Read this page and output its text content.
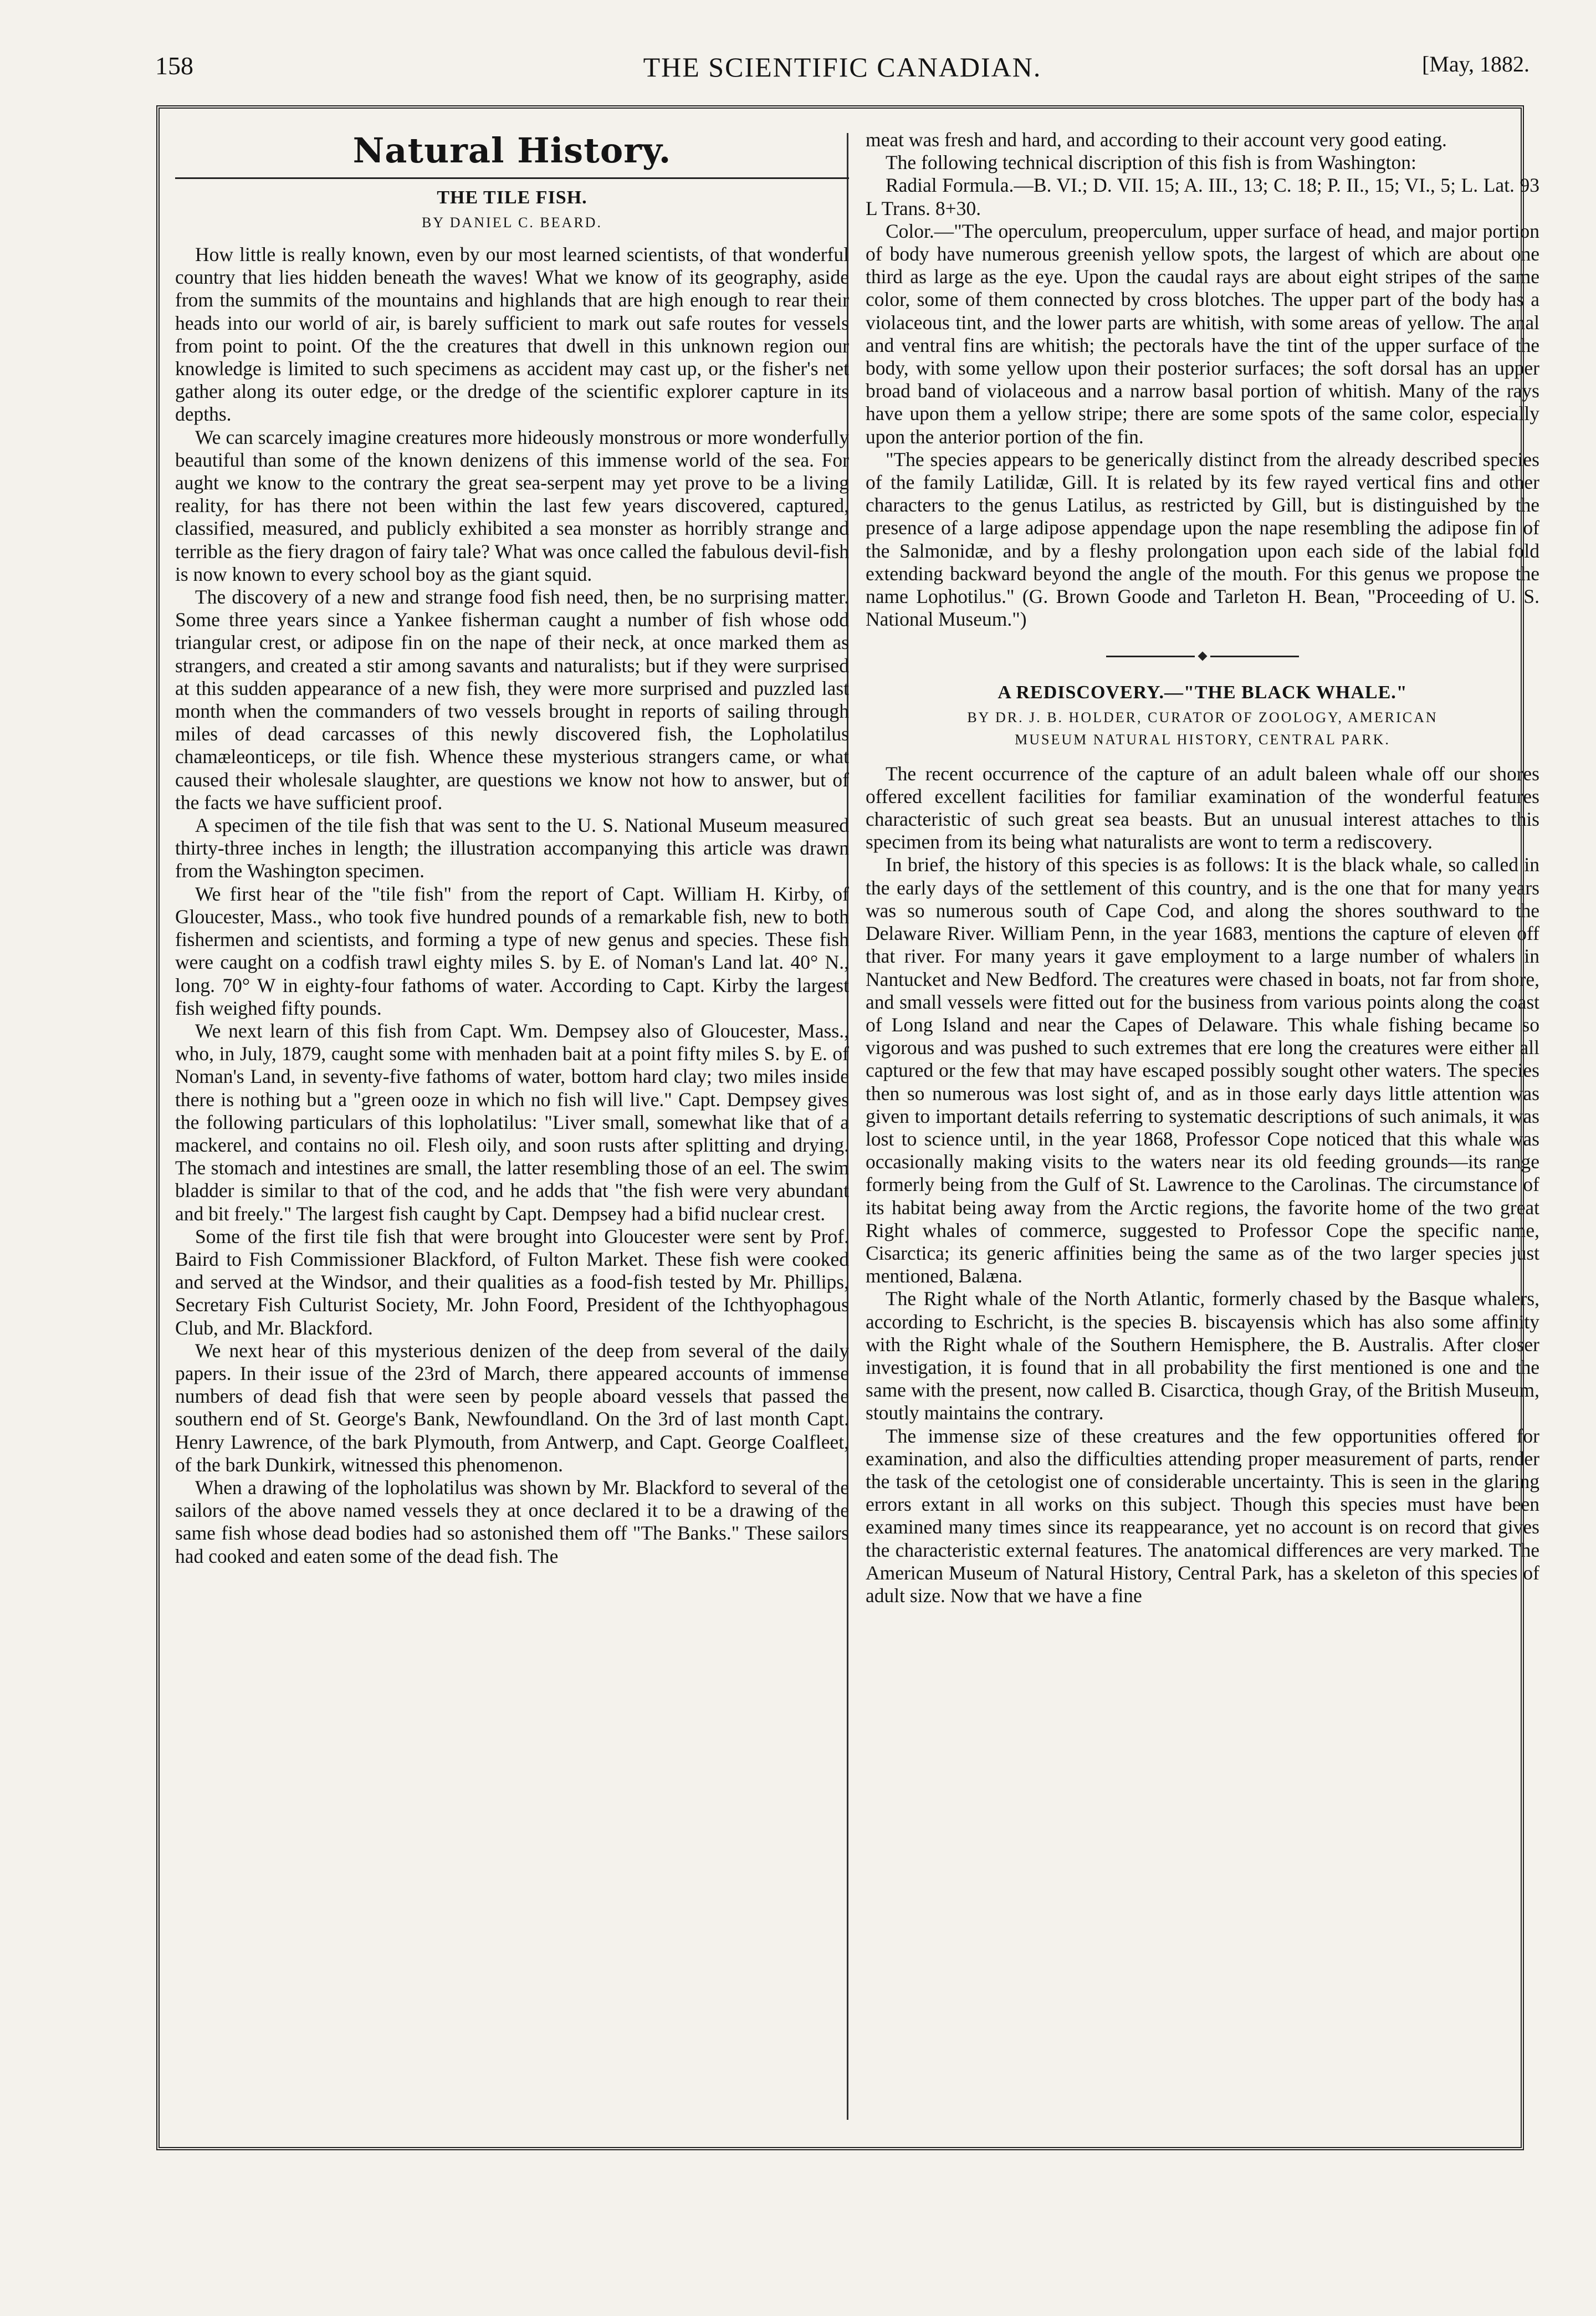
158	THE SCIENTIFIC CANADIAN.	[May, 1882.
Natural History.
THE TILE FISH.
BY DANIEL C. BEARD.

How little is really known, even by our most learned scientists, of that wonderful country that lies hidden beneath the waves! What we know of its geography, aside from the summits of the mountains and highlands that are high enough to rear their heads into our world of air, is barely sufficient to mark out safe routes for vessels from point to point. Of the the creatures that dwell in this unknown region our knowledge is limited to such specimens as accident may cast up, or the fisher's net gather along its outer edge, or the dredge of the scientific explorer capture in its depths.

We can scarcely imagine creatures more hideously monstrous or more wonderfully beautiful than some of the known denizens of this immense world of the sea. For aught we know to the contrary the great sea-serpent may yet prove to be a living reality, for has there not been within the last few years discovered, captured, classified, measured, and publicly exhibited a sea monster as horribly strange and terrible as the fiery dragon of fairy tale? What was once called the fabulous devil-fish is now known to every school boy as the giant squid.

The discovery of a new and strange food fish need, then, be no surprising matter. Some three years since a Yankee fisherman caught a number of fish whose odd triangular crest, or adipose fin on the nape of their neck, at once marked them as strangers, and created a stir among savants and naturalists; but if they were surprised at this sudden appearance of a new fish, they were more surprised and puzzled last month when the commanders of two vessels brought in reports of sailing through miles of dead carcasses of this newly discovered fish, the Lopholatilus chamæleonticeps, or tile fish. Whence these mysterious strangers came, or what caused their wholesale slaughter, are questions we know not how to answer, but of the facts we have sufficient proof.

A specimen of the tile fish that was sent to the U. S. National Museum measured thirty-three inches in length; the illustration accompanying this article was drawn from the Washington specimen.

We first hear of the "tile fish" from the report of Capt. William H. Kirby, of Gloucester, Mass., who took five hundred pounds of a remarkable fish, new to both fishermen and scientists, and forming a type of new genus and species. These fish were caught on a codfish trawl eighty miles S. by E. of Noman's Land lat. 40° N., long. 70° W in eighty-four fathoms of water. According to Capt. Kirby the largest fish weighed fifty pounds.

We next learn of this fish from Capt. Wm. Dempsey also of Gloucester, Mass., who, in July, 1879, caught some with menhaden bait at a point fifty miles S. by E. of Noman's Land, in seventy-five fathoms of water, bottom hard clay; two miles inside there is nothing but a "green ooze in which no fish will live." Capt. Dempsey gives the following particulars of this lopholatilus: "Liver small, somewhat like that of a mackerel, and contains no oil. Flesh oily, and soon rusts after splitting and drying. The stomach and intestines are small, the latter resembling those of an eel. The swim bladder is similar to that of the cod, and he adds that "the fish were very abundant and bit freely." The largest fish caught by Capt. Dempsey had a bifid nuclear crest.

Some of the first tile fish that were brought into Gloucester were sent by Prof. Baird to Fish Commissioner Blackford, of Fulton Market. These fish were cooked and served at the Windsor, and their qualities as a food-fish tested by Mr. Phillips, Secretary Fish Culturist Society, Mr. John Foord, President of the Ichthyophagous Club, and Mr. Blackford.

We next hear of this mysterious denizen of the deep from several of the daily papers. In their issue of the 23rd of March, there appeared accounts of immense numbers of dead fish that were seen by people aboard vessels that passed the southern end of St. George's Bank, Newfoundland. On the 3rd of last month Capt. Henry Lawrence, of the bark Plymouth, from Antwerp, and Capt. George Coalfleet, of the bark Dunkirk, witnessed this phenomenon.

When a drawing of the lopholatilus was shown by Mr. Blackford to several of the sailors of the above named vessels they at once declared it to be a drawing of the same fish whose dead bodies had so astonished them off "The Banks." These sailors had cooked and eaten some of the dead fish. The

meat was fresh and hard, and according to their account very good eating.

The following technical discription of this fish is from Washington:

Radial Formula.—B. VI.; D. VII. 15; A. III., 13; C. 18; P. II., 15; VI., 5; L. Lat. 93 L Trans. 8+30.

Color.—"The operculum, preoperculum, upper surface of head, and major portion of body have numerous greenish yellow spots, the largest of which are about one third as large as the eye. Upon the caudal rays are about eight stripes of the same color, some of them connected by cross blotches. The upper part of the body has a violaceous tint, and the lower parts are whitish, with some areas of yellow. The anal and ventral fins are whitish; the pectorals have the tint of the upper surface of the body, with some yellow upon their posterior surfaces; the soft dorsal has an upper broad band of violaceous and a narrow basal portion of whitish. Many of the rays have upon them a yellow stripe; there are some spots of the same color, especially upon the anterior portion of the fin.

"The species appears to be generically distinct from the already described species of the family Latilidæ, Gill. It is related by its few rayed vertical fins and other characters to the genus Latilus, as restricted by Gill, but is distinguished by the presence of a large adipose appendage upon the nape resembling the adipose fin of the Salmonidæ, and by a fleshy prolongation upon each side of the labial fold extending backward beyond the angle of the mouth. For this genus we propose the name Lophotilus." (G. Brown Goode and Tarleton H. Bean, "Proceeding of U. S. National Museum.")

A REDISCOVERY.—"THE BLACK WHALE."
BY DR. J. B. HOLDER, CURATOR OF ZOOLOGY, AMERICAN
MUSEUM NATURAL HISTORY, CENTRAL PARK.

The recent occurrence of the capture of an adult baleen whale off our shores offered excellent facilities for familiar examination of the wonderful features characteristic of such great sea beasts. But an unusual interest attaches to this specimen from its being what naturalists are wont to term a rediscovery.

In brief, the history of this species is as follows: It is the black whale, so called in the early days of the settlement of this country, and is the one that for many years was so numerous south of Cape Cod, and along the shores southward to the Delaware River. William Penn, in the year 1683, mentions the capture of eleven off that river. For many years it gave employment to a large number of whalers in Nantucket and New Bedford. The creatures were chased in boats, not far from shore, and small vessels were fitted out for the business from various points along the coast of Long Island and near the Capes of Delaware. This whale fishing became so vigorous and was pushed to such extremes that ere long the creatures were either all captured or the few that may have escaped possibly sought other waters. The species then so numerous was lost sight of, and as in those early days little attention was given to important details referring to systematic descriptions of such animals, it was lost to science until, in the year 1868, Professor Cope noticed that this whale was occasionally making visits to the waters near its old feeding grounds—its range formerly being from the Gulf of St. Lawrence to the Carolinas. The circumstance of its habitat being away from the Arctic regions, the favorite home of the two great Right whales of commerce, suggested to Professor Cope the specific name, Cisarctica; its generic affinities being the same as of the two larger species just mentioned, Balæna.

The Right whale of the North Atlantic, formerly chased by the Basque whalers, according to Eschricht, is the species B. biscayensis which has also some affinity with the Right whale of the Southern Hemisphere, the B. Australis. After closer investigation, it is found that in all probability the first mentioned is one and the same with the present, now called B. Cisarctica, though Gray, of the British Museum, stoutly maintains the contrary.

The immense size of these creatures and the few opportunities offered for examination, and also the difficulties attending proper measurement of parts, render the task of the cetologist one of considerable uncertainty. This is seen in the glaring errors extant in all works on this subject. Though this species must have been examined many times since its reappearance, yet no account is on record that gives the characteristic external features. The anatomical differences are very marked. The American Museum of Natural History, Central Park, has a skeleton of this species of adult size. Now that we have a fine
